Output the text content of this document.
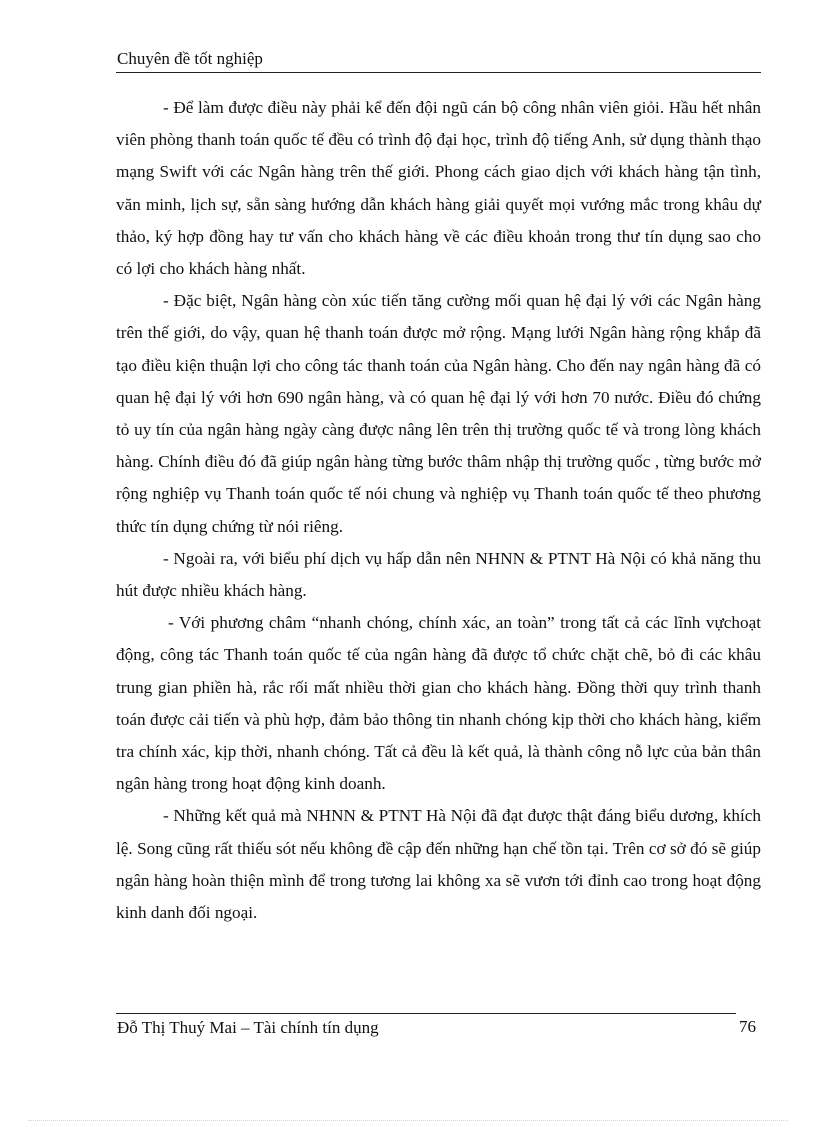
Chuyên đề tốt nghiệp

- Để làm được điều này phải kể đến đội ngũ cán bộ công nhân viên giỏi. Hầu hết nhân viên phòng thanh toán quốc tế đều có trình độ đại học, trình độ tiếng Anh, sử dụng thành thạo mạng Swift với các Ngân hàng trên thế giới. Phong cách giao dịch với khách hàng tận tình, văn minh, lịch sự, sẵn sàng hướng dẫn khách hàng giải quyết mọi vướng mắc trong khâu dự thảo, ký hợp đồng hay tư vấn cho khách hàng về các điều khoản trong thư tín dụng sao cho có lợi cho khách hàng nhất.

- Đặc biệt, Ngân hàng còn xúc tiến tăng cường mối quan hệ đại lý với các Ngân hàng trên thế giới, do vậy, quan hệ thanh toán được mở rộng. Mạng lưới Ngân hàng rộng khắp đã tạo điều kiện thuận lợi cho công tác thanh toán của Ngân hàng. Cho đến nay ngân hàng đã có quan hệ đại lý với hơn 690 ngân hàng, và có quan hệ đại lý với hơn 70 nước. Điều đó chứng tỏ uy tín của ngân hàng ngày càng được nâng lên trên thị trường quốc tế và trong lòng khách hàng. Chính điều đó đã giúp ngân hàng từng bước thâm nhập thị trường quốc , từng bước mở rộng nghiệp vụ Thanh toán quốc tế nói chung và nghiệp vụ Thanh toán quốc tế theo phương thức tín dụng chứng từ nói riêng.

- Ngoài ra, với biểu phí dịch vụ hấp dẫn nên NHNN & PTNT Hà Nội có khả năng thu hút được nhiều khách hàng.

- Với phương châm “nhanh chóng, chính xác, an toàn” trong tất cả các lĩnh vựchoạt động, công tác Thanh toán quốc tế của ngân hàng đã được tổ chức chặt chẽ, bỏ đi các khâu trung gian phiền hà, rắc rối mất nhiều thời gian cho khách hàng. Đồng thời quy trình thanh toán được cải tiến và phù hợp, đảm bảo thông tin nhanh chóng kịp thời cho khách hàng, kiểm tra chính xác, kịp thời, nhanh chóng. Tất cả đều là kết quả, là thành công nỗ lực của bản thân ngân hàng trong hoạt động kinh doanh.

- Những kết quả mà NHNN & PTNT Hà Nội đã đạt được thật đáng biểu dương, khích lệ. Song cũng rất thiếu sót nếu không đề cập đến những hạn chế tồn tại. Trên cơ sở đó sẽ giúp ngân hàng hoàn thiện mình để trong tương lai không xa sẽ vươn tới đỉnh cao trong hoạt động kinh danh đối ngoại.

Đỗ Thị Thuý Mai – Tài chính tín dụng	76
